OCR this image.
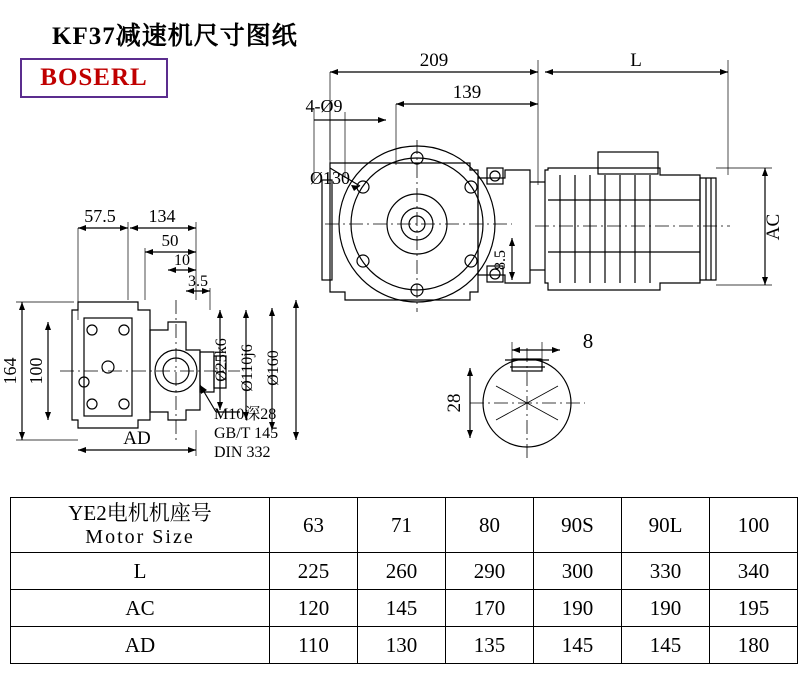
KF37减速机尺寸图纸
BOSERL
209	L
4-Ø9
139
Ø130
AC
8.5
57.5 134
50
10
3.5
Ø25k6 Ø110j6 Ø160
164 100
AD
M10深28
GB/T 145
DIN 332
8
28
YE2电机机座号
Motor Size	63	71	80	90S	90L	100
L	225	260	290	300	330	340
AC	120	145	170	190	190	195
AD	110	130	135	145	145	180
